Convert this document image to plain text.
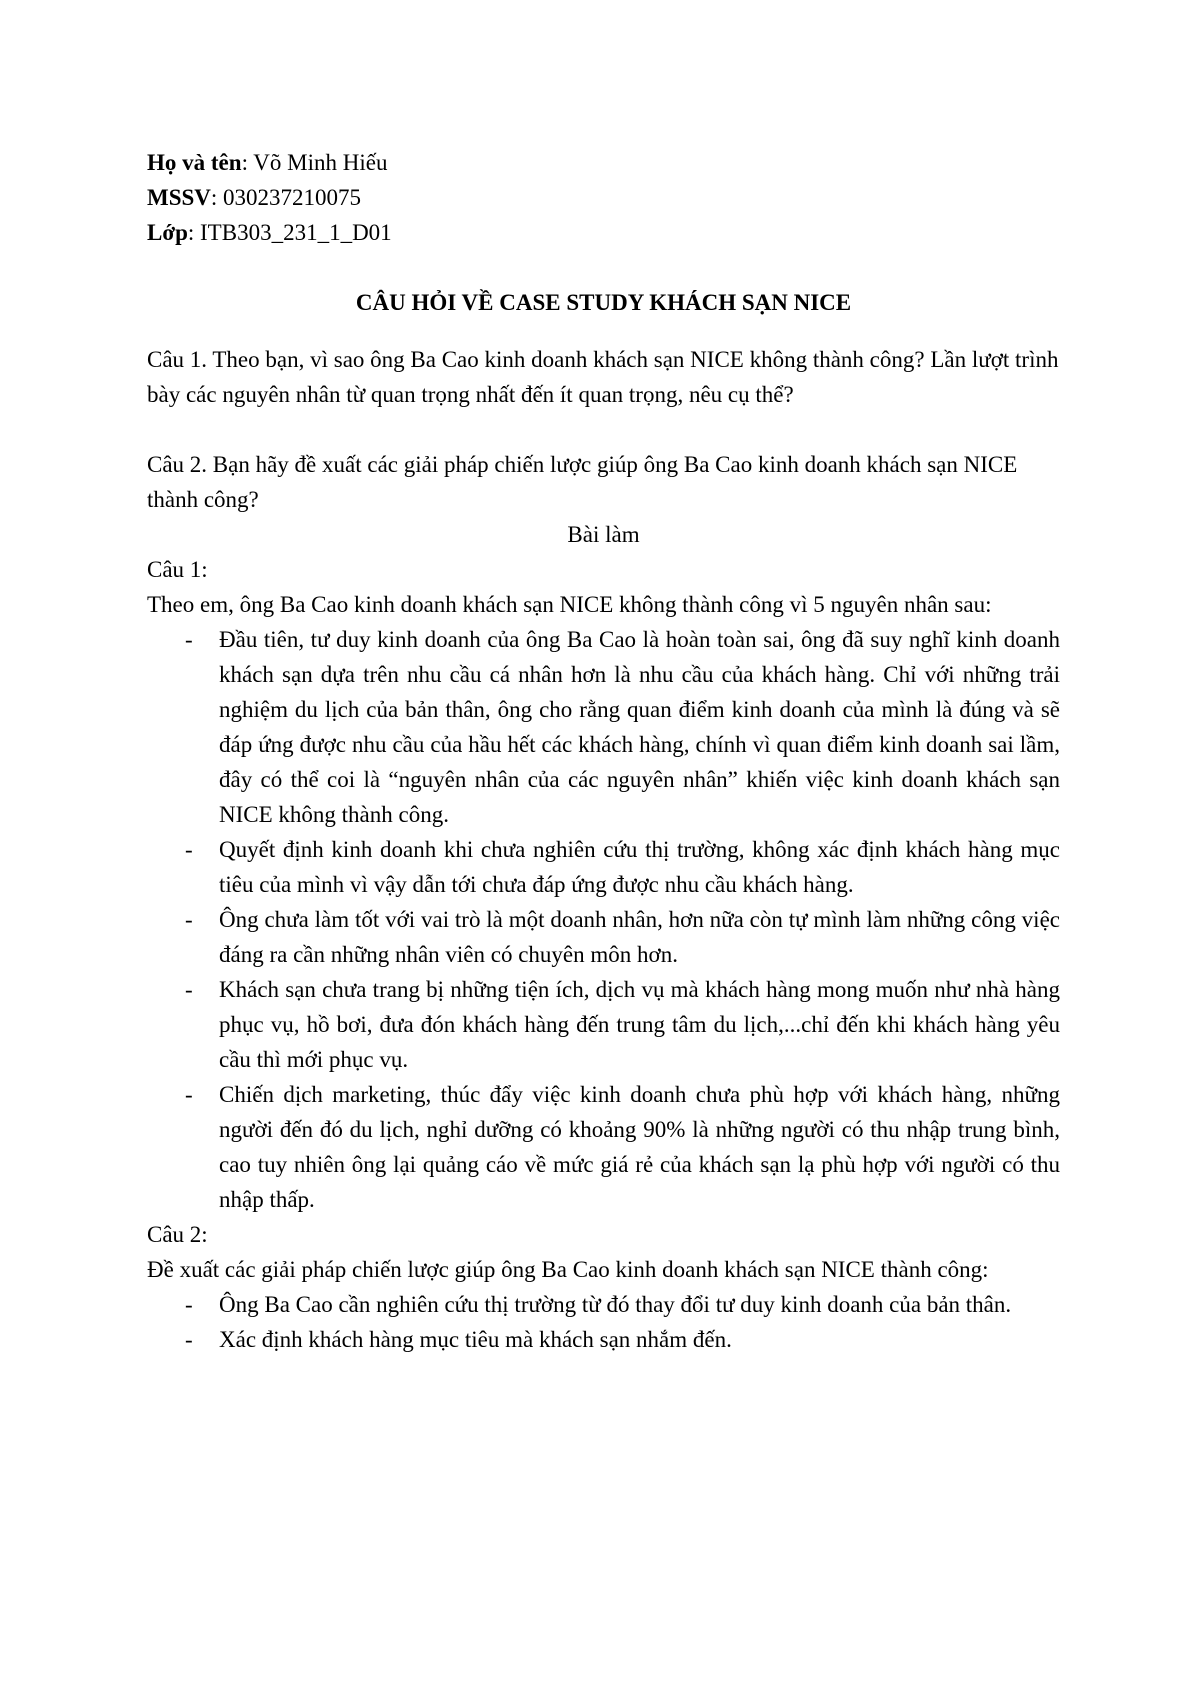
Họ và tên: Võ Minh Hiếu

MSSV: 030237210075

Lớp: ITB303_231_1_D01

CÂU HỎI VỀ CASE STUDY KHÁCH SẠN NICE

Câu 1. Theo bạn, vì sao ông Ba Cao kinh doanh khách sạn NICE không thành công? Lần lượt trình bày các nguyên nhân từ quan trọng nhất đến ít quan trọng, nêu cụ thể?

Câu 2. Bạn hãy đề xuất các giải pháp chiến lược giúp ông Ba Cao kinh doanh khách sạn NICE thành công?

Bài làm

Câu 1:

Theo em, ông Ba Cao kinh doanh khách sạn NICE không thành công vì 5 nguyên nhân sau:

- Đầu tiên, tư duy kinh doanh của ông Ba Cao là hoàn toàn sai, ông đã suy nghĩ kinh doanh khách sạn dựa trên nhu cầu cá nhân hơn là nhu cầu của khách hàng. Chỉ với những trải nghiệm du lịch của bản thân, ông cho rằng quan điểm kinh doanh của mình là đúng và sẽ đáp ứng được nhu cầu của hầu hết các khách hàng, chính vì quan điểm kinh doanh sai lầm, đây có thể coi là “nguyên nhân của các nguyên nhân” khiến việc kinh doanh khách sạn NICE không thành công.
- Quyết định kinh doanh khi chưa nghiên cứu thị trường, không xác định khách hàng mục tiêu của mình vì vậy dẫn tới chưa đáp ứng được nhu cầu khách hàng.
- Ông chưa làm tốt với vai trò là một doanh nhân, hơn nữa còn tự mình làm những công việc đáng ra cần những nhân viên có chuyên môn hơn.
- Khách sạn chưa trang bị những tiện ích, dịch vụ mà khách hàng mong muốn như nhà hàng phục vụ, hồ bơi, đưa đón khách hàng đến trung tâm du lịch,...chỉ đến khi khách hàng yêu cầu thì mới phục vụ.
- Chiến dịch marketing, thúc đẩy việc kinh doanh chưa phù hợp với khách hàng, những người đến đó du lịch, nghỉ dưỡng có khoảng 90% là những người có thu nhập trung bình, cao tuy nhiên ông lại quảng cáo về mức giá rẻ của khách sạn lạ phù hợp với người có thu nhập thấp.

Câu 2:

Đề xuất các giải pháp chiến lược giúp ông Ba Cao kinh doanh khách sạn NICE thành công:

- Ông Ba Cao cần nghiên cứu thị trường từ đó thay đổi tư duy kinh doanh của bản thân.
- Xác định khách hàng mục tiêu mà khách sạn nhắm đến.
